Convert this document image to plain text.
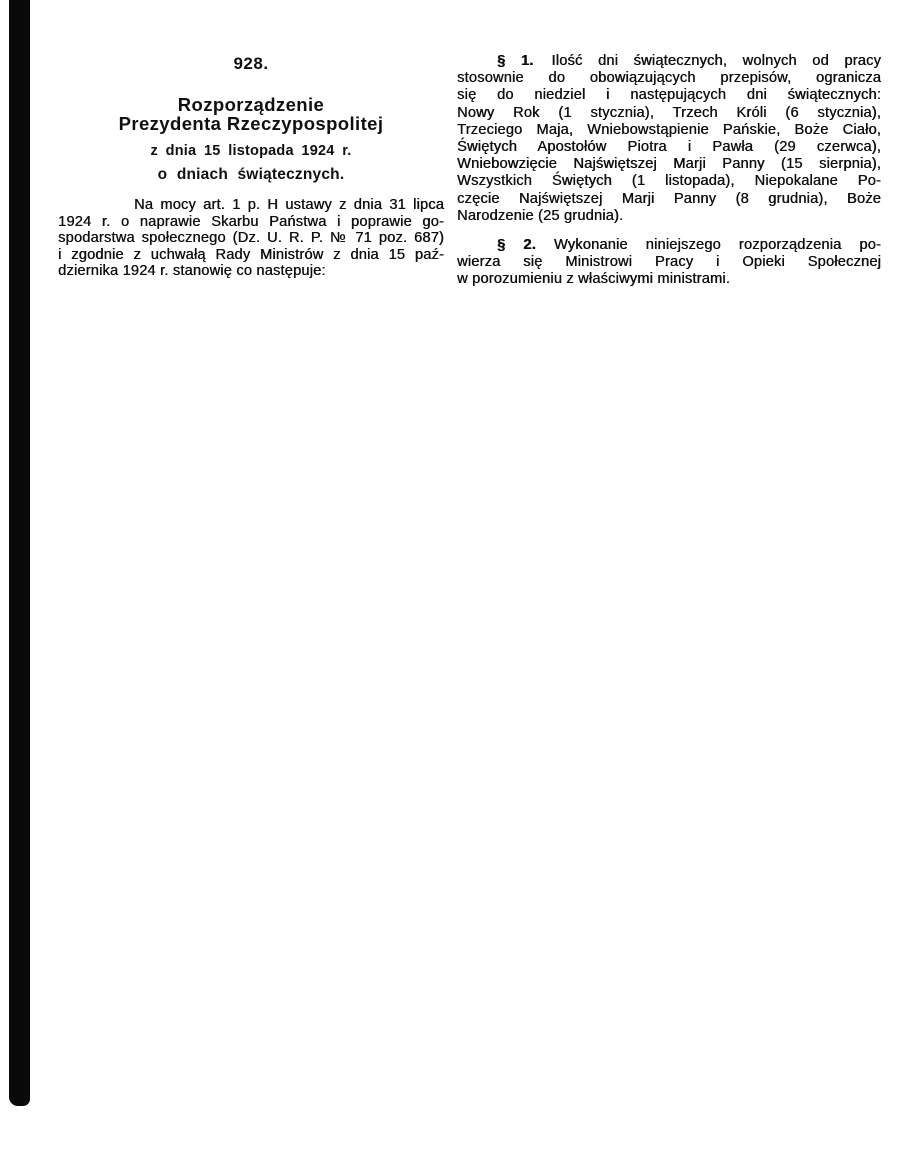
928.
Rozporządzenie
Prezydenta Rzeczypospolitej
z dnia 15 listopada 1924 r.
o dniach świątecznych.
Na mocy art. 1 p. H ustawy z dnia 31 lipca
1924 r. o naprawie Skarbu Państwa i poprawie go-
spodarstwa społecznego (Dz. U. R. P. № 71 poz. 687)
i zgodnie z uchwałą Rady Ministrów z dnia 15 paź-
dziernika 1924 r. stanowię co następuje:
§ 1. Ilość dni świątecznych, wolnych od pracy
stosownie do obowiązujących przepisów, ogranicza
się do niedziel i następujących dni świątecznych:
Nowy Rok (1 stycznia), Trzech Króli (6 stycznia),
Trzeciego Maja, Wniebowstąpienie Pańskie, Boże Ciało,
Świętych Apostołów Piotra i Pawła (29 czerwca),
Wniebowzięcie Najświętszej Marji Panny (15 sierpnia),
Wszystkich Świętych (1 listopada), Niepokalane Po-
częcie Najświętszej Marji Panny (8 grudnia), Boże
Narodzenie (25 grudnia).
§ 2. Wykonanie niniejszego rozporządzenia po-
wierza się Ministrowi Pracy i Opieki Społecznej
w porozumieniu z właściwymi ministrami.
